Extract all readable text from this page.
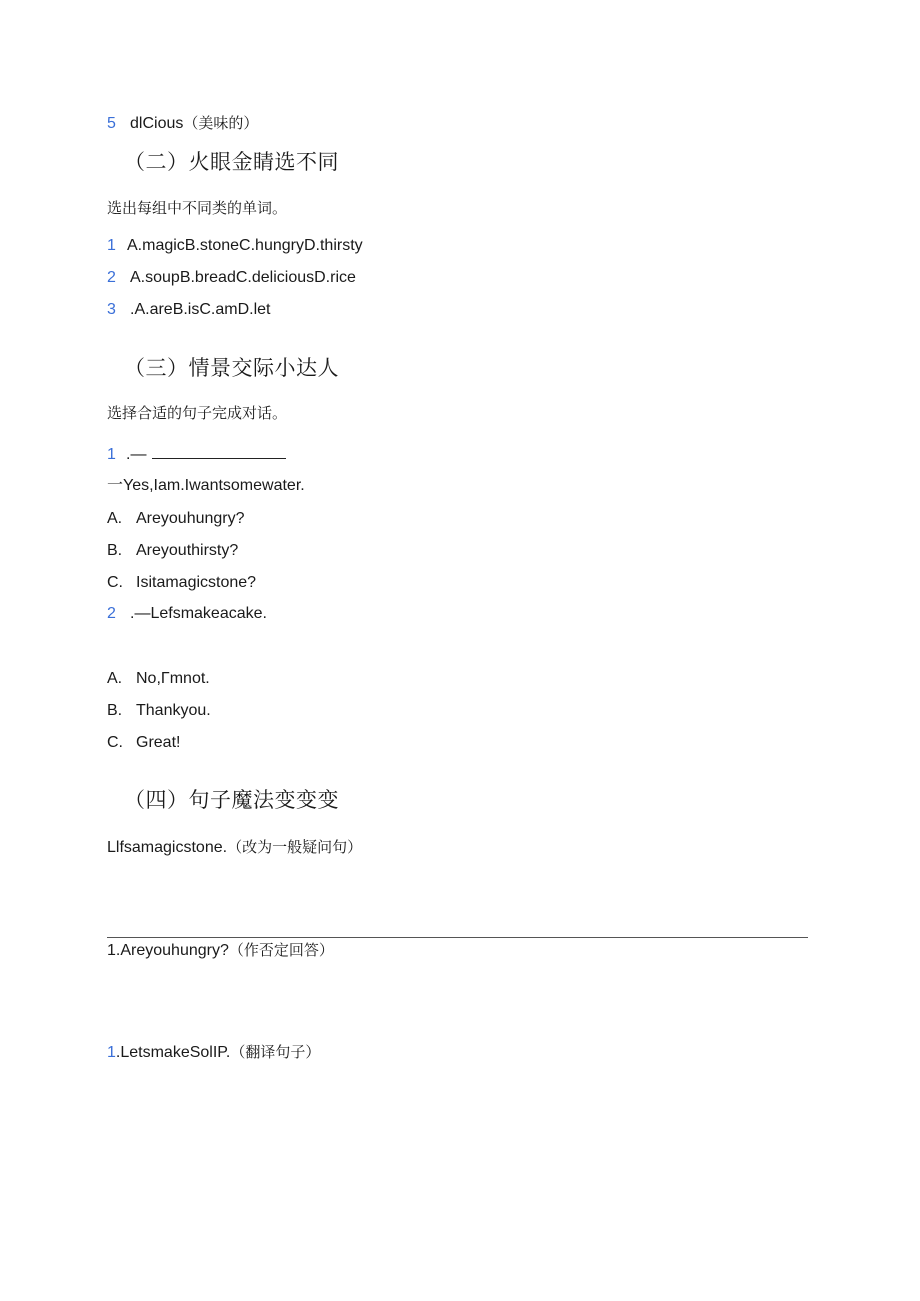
5 dlCious（美味的）
（二）火眼金睛选不同
选出每组中不同类的单词。
1 A.magicB.stoneC.hungryD.thirsty
2 A.soupB.breadC.deliciousD.rice
3 .A.areB.isC.amD.let
（三）情景交际小达人
选择合适的句子完成对话。
1 .—
一Yes,Iam.Iwantsomewater.
A. Areyouhungry?
B. Areyouthirsty?
C. Isitamagicstone?
2 .—Lefsmakeacake.
A. No,Γmnot.
B. Thankyou.
C. Great!
（四）句子魔法变变变
Llfsamagicstone.（改为一般疑问句）
1.Areyouhungry?（作否定回答）
1.LetsmakeSolIP.（翻译句子）
